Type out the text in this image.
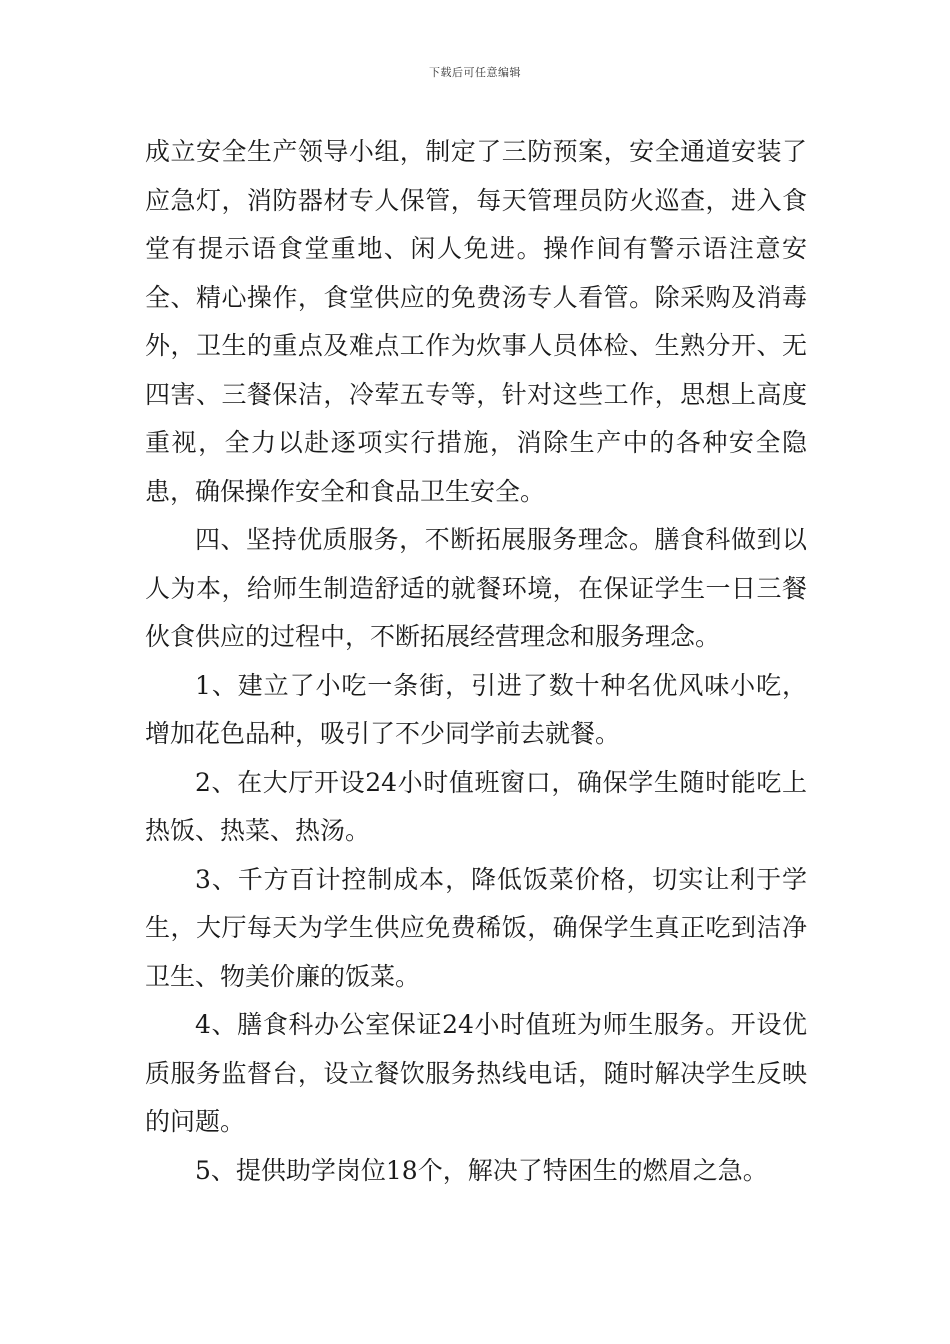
下载后可任意编辑

成立安全生产领导小组，制定了三防预案，安全通道安装了应急灯，消防器材专人保管，每天管理员防火巡查，进入食堂有提示语食堂重地、闲人免进。操作间有警示语注意安全、精心操作，食堂供应的免费汤专人看管。除采购及消毒外，卫生的重点及难点工作为炊事人员体检、生熟分开、无四害、三餐保洁，冷荤五专等，针对这些工作，思想上高度重视，全力以赴逐项实行措施，消除生产中的各种安全隐患，确保操作安全和食品卫生安全。

四、坚持优质服务，不断拓展服务理念。膳食科做到以人为本，给师生制造舒适的就餐环境，在保证学生一日三餐伙食供应的过程中，不断拓展经营理念和服务理念。

1、建立了小吃一条街，引进了数十种名优风味小吃，增加花色品种，吸引了不少同学前去就餐。

2、在大厅开设24小时值班窗口，确保学生随时能吃上热饭、热菜、热汤。

3、千方百计控制成本，降低饭菜价格，切实让利于学生，大厅每天为学生供应免费稀饭，确保学生真正吃到洁净卫生、物美价廉的饭菜。

4、膳食科办公室保证24小时值班为师生服务。开设优质服务监督台，设立餐饮服务热线电话，随时解决学生反映的问题。

5、提供助学岗位18个，解决了特困生的燃眉之急。
